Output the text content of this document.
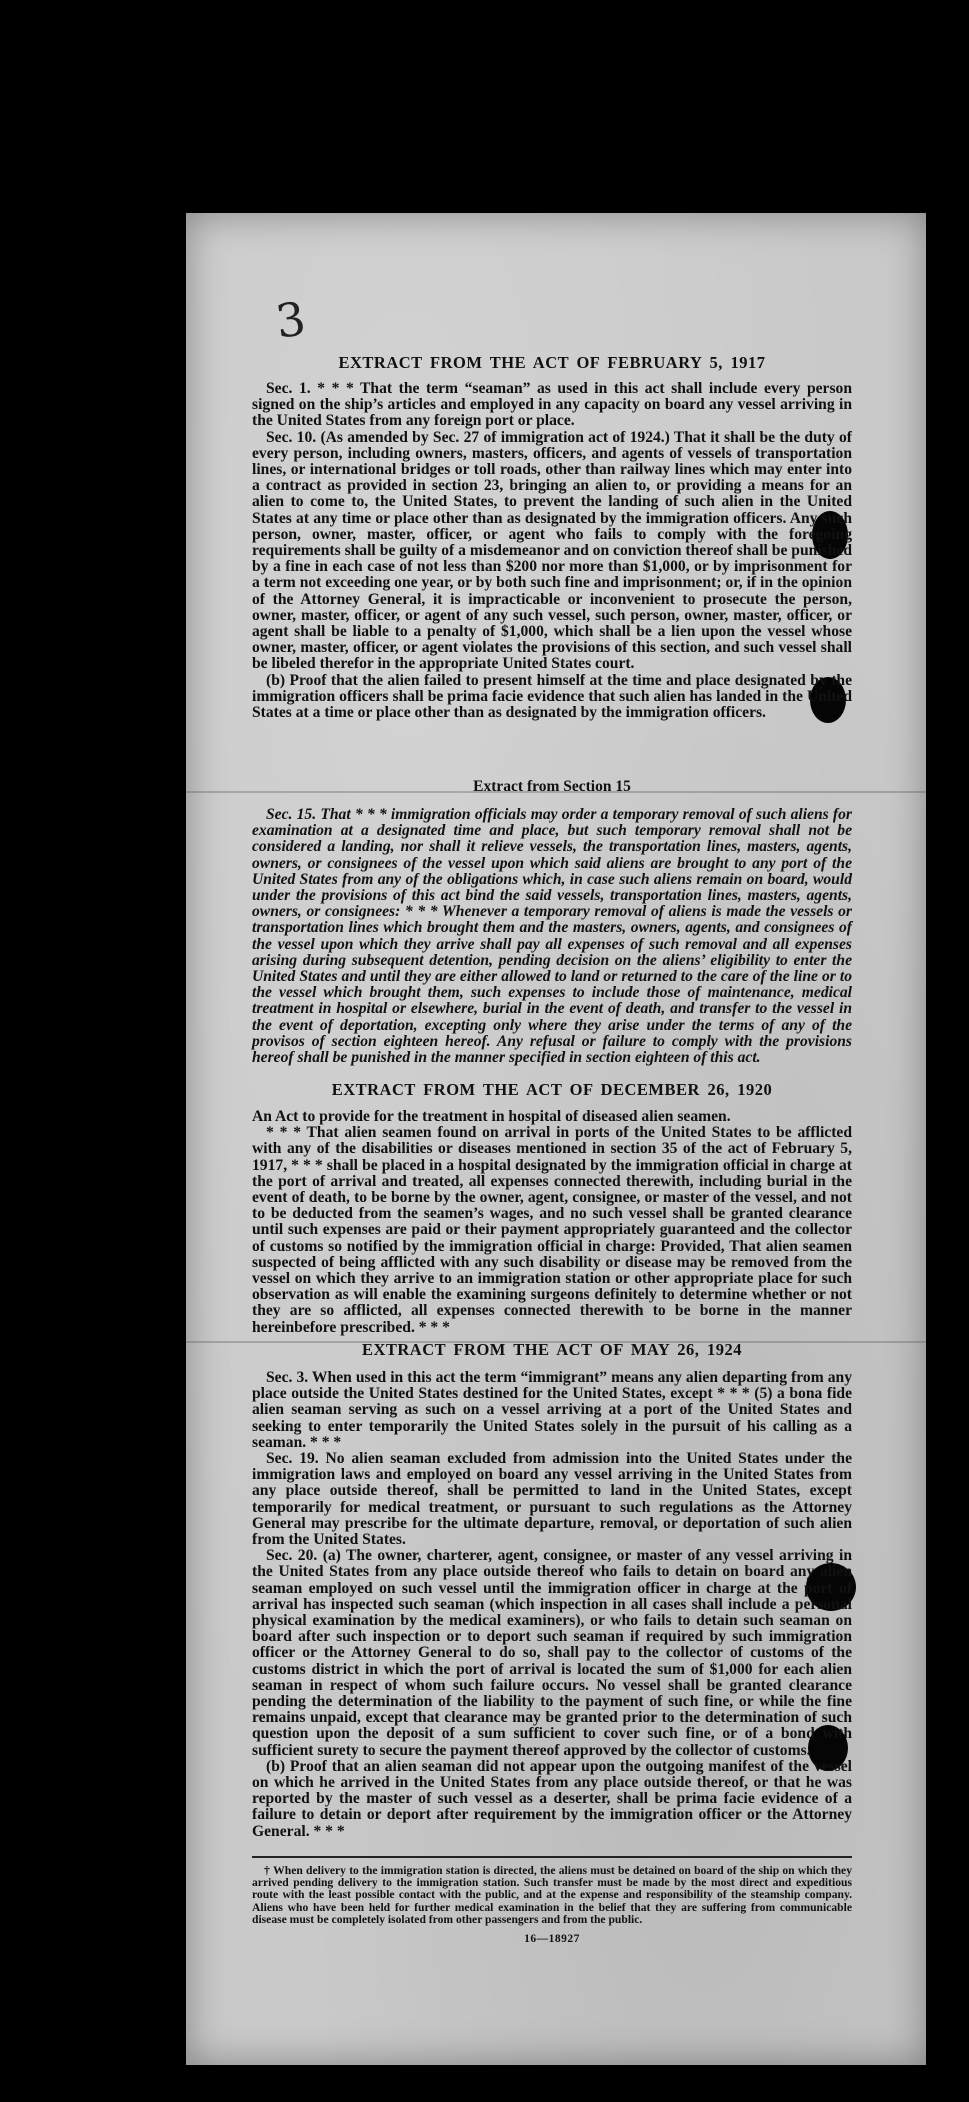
3
EXTRACT FROM THE ACT OF FEBRUARY 5, 1917

Sec. 1. * * * That the term “seaman” as used in this act shall include every person signed on the ship’s articles and employed in any capacity on board any vessel arriving in the United States from any foreign port or place.

Sec. 10. (As amended by Sec. 27 of immigration act of 1924.) That it shall be the duty of every person, including owners, masters, officers, and agents of vessels of transportation lines, or international bridges or toll roads, other than railway lines which may enter into a contract as provided in section 23, bringing an alien to, or providing a means for an alien to come to, the United States, to prevent the landing of such alien in the United States at any time or place other than as designated by the immigration officers. Any such person, owner, master, officer, or agent who fails to comply with the foregoing requirements shall be guilty of a misdemeanor and on conviction thereof shall be punished by a fine in each case of not less than $200 nor more than $1,000, or by imprisonment for a term not exceeding one year, or by both such fine and imprisonment; or, if in the opinion of the Attorney General, it is impracticable or inconvenient to prosecute the person, owner, master, officer, or agent of any such vessel, such person, owner, master, officer, or agent shall be liable to a penalty of $1,000, which shall be a lien upon the vessel whose owner, master, officer, or agent violates the provisions of this section, and such vessel shall be libeled therefor in the appropriate United States court.

(b) Proof that the alien failed to present himself at the time and place designated by the immigration officers shall be prima facie evidence that such alien has landed in the United States at a time or place other than as designated by the immigration officers.

Extract from Section 15

Sec. 15. That * * * immigration officials may order a temporary removal of such aliens for examination at a designated time and place, but such temporary removal shall not be considered a landing, nor shall it relieve vessels, the transportation lines, masters, agents, owners, or consignees of the vessel upon which said aliens are brought to any port of the United States from any of the obligations which, in case such aliens remain on board, would under the provisions of this act bind the said vessels, transportation lines, masters, agents, owners, or consignees: * * * Whenever a temporary removal of aliens is made the vessels or transportation lines which brought them and the masters, owners, agents, and consignees of the vessel upon which they arrive shall pay all expenses of such removal and all expenses arising during subsequent detention, pending decision on the aliens’ eligibility to enter the United States and until they are either allowed to land or returned to the care of the line or to the vessel which brought them, such expenses to include those of maintenance, medical treatment in hospital or elsewhere, burial in the event of death, and transfer to the vessel in the event of deportation, excepting only where they arise under the terms of any of the provisos of section eighteen hereof. Any refusal or failure to comply with the provisions hereof shall be punished in the manner specified in section eighteen of this act.

EXTRACT FROM THE ACT OF DECEMBER 26, 1920

An Act to provide for the treatment in hospital of diseased alien seamen.

* * * That alien seamen found on arrival in ports of the United States to be afflicted with any of the disabilities or diseases mentioned in section 35 of the act of February 5, 1917, * * * shall be placed in a hospital designated by the immigration official in charge at the port of arrival and treated, all expenses connected therewith, including burial in the event of death, to be borne by the owner, agent, consignee, or master of the vessel, and not to be deducted from the seamen’s wages, and no such vessel shall be granted clearance until such expenses are paid or their payment appropriately guaranteed and the collector of customs so notified by the immigration official in charge: Provided, That alien seamen suspected of being afflicted with any such disability or disease may be removed from the vessel on which they arrive to an immigration station or other appropriate place for such observation as will enable the examining surgeons definitely to determine whether or not they are so afflicted, all expenses connected therewith to be borne in the manner hereinbefore prescribed. * * *

EXTRACT FROM THE ACT OF MAY 26, 1924

Sec. 3. When used in this act the term “immigrant” means any alien departing from any place outside the United States destined for the United States, except * * * (5) a bona fide alien seaman serving as such on a vessel arriving at a port of the United States and seeking to enter temporarily the United States solely in the pursuit of his calling as a seaman. * * *

Sec. 19. No alien seaman excluded from admission into the United States under the immigration laws and employed on board any vessel arriving in the United States from any place outside thereof, shall be permitted to land in the United States, except temporarily for medical treatment, or pursuant to such regulations as the Attorney General may prescribe for the ultimate departure, removal, or deportation of such alien from the United States.

Sec. 20. (a) The owner, charterer, agent, consignee, or master of any vessel arriving in the United States from any place outside thereof who fails to detain on board any alien seaman employed on such vessel until the immigration officer in charge at the port of arrival has inspected such seaman (which inspection in all cases shall include a personal physical examination by the medical examiners), or who fails to detain such seaman on board after such inspection or to deport such seaman if required by such immigration officer or the Attorney General to do so, shall pay to the collector of customs of the customs district in which the port of arrival is located the sum of $1,000 for each alien seaman in respect of whom such failure occurs. No vessel shall be granted clearance pending the determination of the liability to the payment of such fine, or while the fine remains unpaid, except that clearance may be granted prior to the determination of such question upon the deposit of a sum sufficient to cover such fine, or of a bond with sufficient surety to secure the payment thereof approved by the collector of customs.

(b) Proof that an alien seaman did not appear upon the outgoing manifest of the vessel on which he arrived in the United States from any place outside thereof, or that he was reported by the master of such vessel as a deserter, shall be prima facie evidence of a failure to detain or deport after requirement by the immigration officer or the Attorney General. * * *

† When delivery to the immigration station is directed, the aliens must be detained on board of the ship on which they arrived pending delivery to the immigration station. Such transfer must be made by the most direct and expeditious route with the least possible contact with the public, and at the expense and responsibility of the steamship company. Aliens who have been held for further medical examination in the belief that they are suffering from communicable disease must be completely isolated from other passengers and from the public.

16—18927
